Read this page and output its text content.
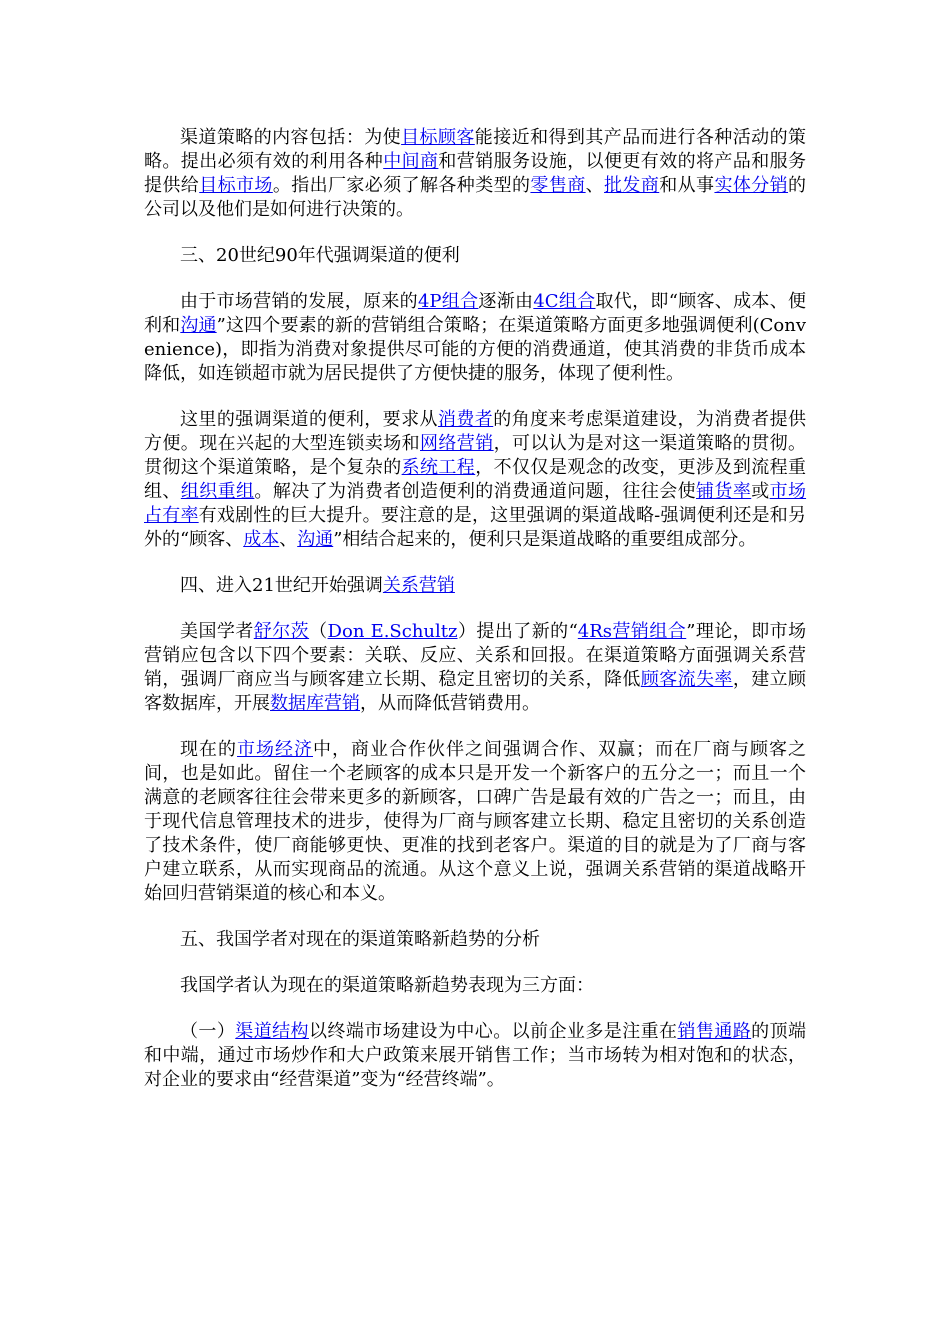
渠道策略的内容包括：为使目标顾客能接近和得到其产品而进行各种活动的策略。提出必须有效的利用各种中间商和营销服务设施，以便更有效的将产品和服务提供给目标市场。指出厂家必须了解各种类型的零售商、批发商和从事实体分销的公司以及他们是如何进行决策的。

三、20世纪90年代强调渠道的便利

由于市场营销的发展，原来的4P组合逐渐由4C组合取代，即“顾客、成本、便利和沟通”这四个要素的新的营销组合策略；在渠道策略方面更多地强调便利(Convenience)，即指为消费对象提供尽可能的方便的消费通道，使其消费的非货币成本降低，如连锁超市就为居民提供了方便快捷的服务，体现了便利性。

这里的强调渠道的便利，要求从消费者的角度来考虑渠道建设，为消费者提供方便。现在兴起的大型连锁卖场和网络营销，可以认为是对这一渠道策略的贯彻。贯彻这个渠道策略，是个复杂的系统工程，不仅仅是观念的改变，更涉及到流程重组、组织重组。解决了为消费者创造便利的消费通道问题，往往会使铺货率或市场占有率有戏剧性的巨大提升。要注意的是，这里强调的渠道战略-强调便利还是和另外的“顾客、成本、沟通”相结合起来的，便利只是渠道战略的重要组成部分。

四、进入21世纪开始强调关系营销

美国学者舒尔茨（Don E.Schultz）提出了新的“4Rs营销组合”理论，即市场营销应包含以下四个要素：关联、反应、关系和回报。在渠道策略方面强调关系营销，强调厂商应当与顾客建立长期、稳定且密切的关系，降低顾客流失率，建立顾客数据库，开展数据库营销，从而降低营销费用。

现在的市场经济中，商业合作伙伴之间强调合作、双赢；而在厂商与顾客之间，也是如此。留住一个老顾客的成本只是开发一个新客户的五分之一；而且一个满意的老顾客往往会带来更多的新顾客，口碑广告是最有效的广告之一；而且，由于现代信息管理技术的进步，使得为厂商与顾客建立长期、稳定且密切的关系创造了技术条件，使厂商能够更快、更准的找到老客户。渠道的目的就是为了厂商与客户建立联系，从而实现商品的流通。从这个意义上说，强调关系营销的渠道战略开始回归营销渠道的核心和本义。

五、我国学者对现在的渠道策略新趋势的分析

我国学者认为现在的渠道策略新趋势表现为三方面：

（一）渠道结构以终端市场建设为中心。以前企业多是注重在销售通路的顶端和中端，通过市场炒作和大户政策来展开销售工作；当市场转为相对饱和的状态，对企业的要求由“经营渠道”变为“经营终端”。
